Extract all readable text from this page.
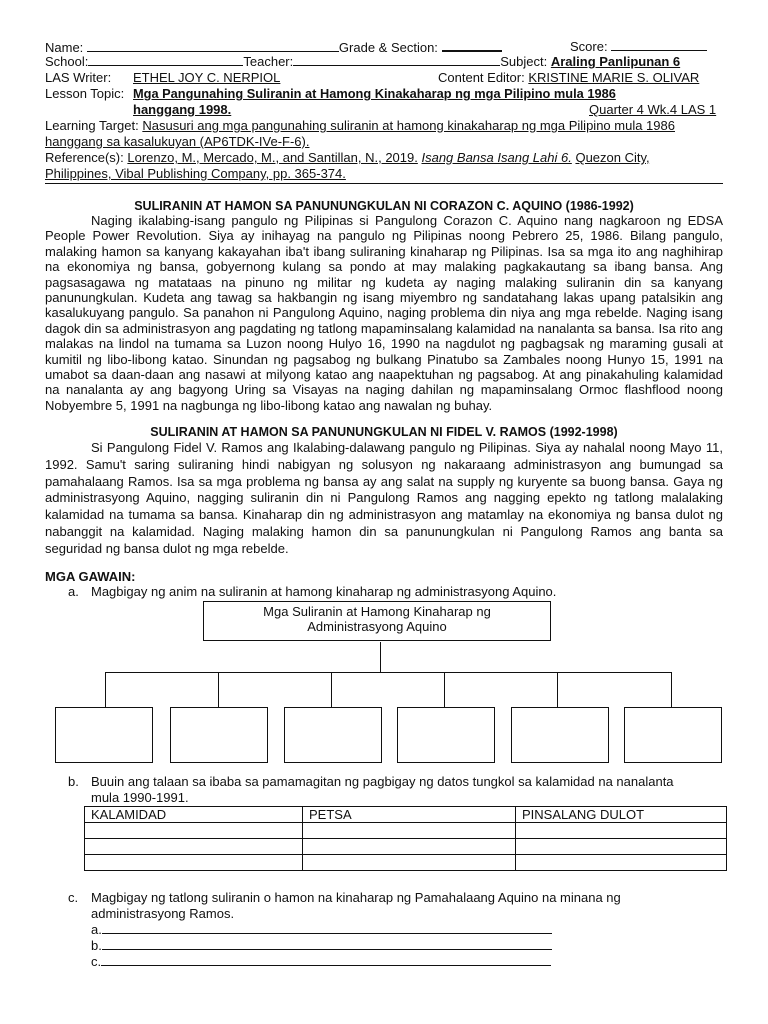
Name:	Grade & Section:	Score:
School:	Teacher:	Subject: Araling Panlipunan 6
LAS Writer: ETHEL JOY C. NERPIOL	Content Editor: KRISTINE MARIE S. OLIVAR
Lesson Topic: Mga Pangunahing Suliranin at Hamong Kinakaharap ng mga Pilipino mula 1986
hanggang 1998.	Quarter 4 Wk.4 LAS 1
Learning Target: Nasusuri ang mga pangunahing suliranin at hamong kinakaharap ng mga Pilipino mula 1986
hanggang sa kasalukuyan (AP6TDK-IVe-F-6).
Reference(s): Lorenzo, M., Mercado, M., and Santillan, N., 2019. Isang Bansa Isang Lahi 6. Quezon City,
Philippines, Vibal Publishing Company, pp. 365-374.
SULIRANIN AT HAMON SA PANUNUNGKULAN NI CORAZON C. AQUINO (1986-1992)

Naging ikalabing-isang pangulo ng Pilipinas si Pangulong Corazon C. Aquino nang nagkaroon ng EDSA People Power Revolution. Siya ay inihayag na pangulo ng Pilipinas noong Pebrero 25, 1986. Bilang pangulo, malaking hamon sa kanyang kakayahan iba't ibang suliraning kinaharap ng Pilipinas. Isa sa mga ito ang naghihirap na ekonomiya ng bansa, gobyernong kulang sa pondo at may malaking pagkakautang sa ibang bansa. Ang pagsasagawa ng matataas na pinuno ng militar ng kudeta ay naging malaking suliranin din sa kanyang panunungkulan. Kudeta ang tawag sa hakbangin ng isang miyembro ng sandatahang lakas upang patalsikin ang kasalukuyang pangulo. Sa panahon ni Pangulong Aquino, naging problema din niya ang mga rebelde. Naging isang dagok din sa administrasyon ang pagdating ng tatlong mapaminsalang kalamidad na nanalanta sa bansa. Isa rito ang malakas na lindol na tumama sa Luzon noong Hulyo 16, 1990 na nagdulot ng pagbagsak ng maraming gusali at kumitil ng libo-libong katao. Sinundan ng pagsabog ng bulkang Pinatubo sa Zambales noong Hunyo 15, 1991 na umabot sa daan-daan ang nasawi at milyong katao ang naapektuhan ng pagsabog. At ang pinakahuling kalamidad na nanalanta ay ang bagyong Uring sa Visayas na naging dahilan ng mapaminsalang Ormoc flashflood noong Nobyembre 5, 1991 na nagbunga ng libo-libong katao ang nawalan ng buhay.

SULIRANIN AT HAMON SA PANUNUNGKULAN NI FIDEL V. RAMOS (1992-1998)

Si Pangulong Fidel V. Ramos ang Ikalabing-dalawang pangulo ng Pilipinas. Siya ay nahalal noong Mayo 11, 1992. Samu't saring suliraning hindi nabigyan ng solusyon ng nakaraang administrasyon ang bumungad sa pamahalaang Ramos. Isa sa mga problema ng bansa ay ang salat na supply ng kuryente sa buong bansa. Gaya ng administrasyong Aquino, nagging suliranin din ni Pangulong Ramos ang nagging epekto ng tatlong malalaking kalamidad na tumama sa bansa. Kinaharap din ng administrasyon ang matamlay na ekonomiya ng bansa dulot ng nabanggit na kalamidad. Naging malaking hamon din sa panunungkulan ni Pangulong Ramos ang banta sa seguridad ng bansa dulot ng mga rebelde.

MGA GAWAIN:
a. Magbigay ng anim na suliranin at hamong kinaharap ng administrasyong Aquino.
Mga Suliranin at Hamong Kinaharap ng
Administrasyong Aquino
b. Buuin ang talaan sa ibaba sa pamamagitan ng pagbigay ng datos tungkol sa kalamidad na nanalanta
mula 1990-1991.
KALAMIDAD	PETSA	PINSALANG DULOT

c. Magbigay ng tatlong suliranin o hamon na kinaharap ng Pamahalaang Aquino na minana ng
administrasyong Ramos.
a.
b.
c.
